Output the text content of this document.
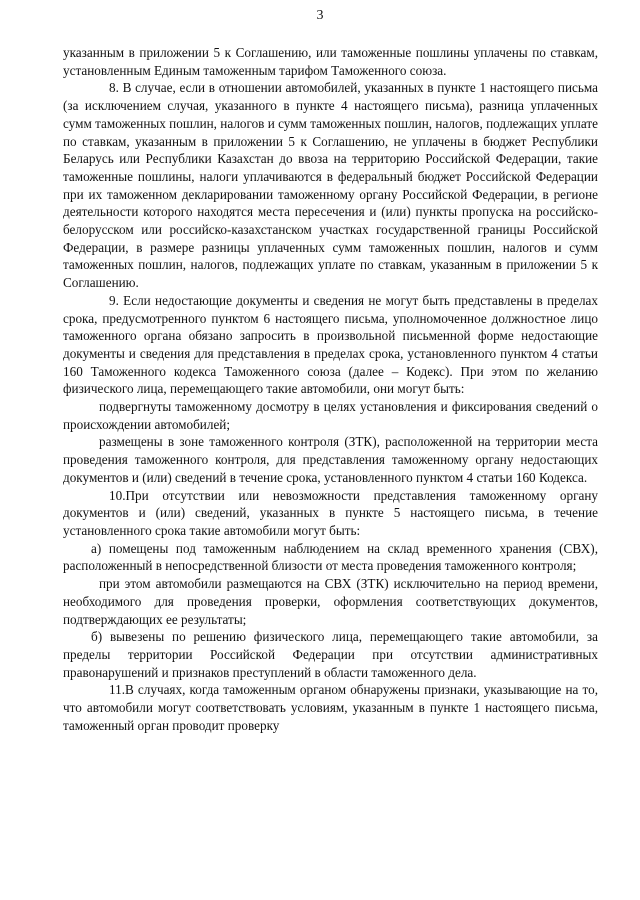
3

указанным в приложении 5 к Соглашению, или таможенные пошлины уплачены по ставкам, установленным Единым таможенным тарифом Таможенного союза.

8. В случае, если в отношении автомобилей, указанных в пункте 1 настоящего письма (за исключением случая, указанного в пункте 4 настоящего письма), разница уплаченных сумм таможенных пошлин, налогов и сумм таможенных пошлин, налогов, подлежащих уплате по ставкам, указанным в приложении 5 к Соглашению, не уплачены в бюджет Республики Беларусь или Республики Казахстан до ввоза на территорию Российской Федерации, такие таможенные пошлины, налоги уплачиваются в федеральный бюджет Российской Федерации при их таможенном декларировании таможенному органу Российской Федерации, в регионе деятельности которого находятся места пересечения и (или) пункты пропуска на российско-белорусском или российско-казахстанском участках государственной границы Российской Федерации, в размере разницы уплаченных сумм таможенных пошлин, налогов и сумм таможенных пошлин, налогов, подлежащих уплате по ставкам, указанным в приложении 5 к Соглашению.

9. Если недостающие документы и сведения не могут быть представлены в пределах срока, предусмотренного пунктом 6 настоящего письма, уполномоченное должностное лицо таможенного органа обязано запросить в произвольной письменной форме недостающие документы и сведения для представления в пределах срока, установленного пунктом 4 статьи 160 Таможенного кодекса Таможенного союза (далее – Кодекс). При этом по желанию физического лица, перемещающего такие автомобили, они могут быть:

подвергнуты таможенному досмотру в целях установления и фиксирования сведений о происхождении автомобилей;

размещены в зоне таможенного контроля (ЗТК), расположенной на территории места проведения таможенного контроля, для представления таможенному органу недостающих документов и (или) сведений в течение срока, установленного пунктом 4 статьи 160 Кодекса.

10.При отсутствии или невозможности представления таможенному органу документов и (или) сведений, указанных в пункте 5 настоящего письма, в течение установленного срока такие автомобили могут быть:

а) помещены под таможенным наблюдением на склад временного хранения (СВХ), расположенный в непосредственной близости от места проведения таможенного контроля;

при этом автомобили размещаются на СВХ (ЗТК) исключительно на период времени, необходимого для проведения проверки, оформления соответствующих документов, подтверждающих ее результаты;

б) вывезены по решению физического лица, перемещающего такие автомобили, за пределы территории Российской Федерации при отсутствии административных правонарушений и признаков преступлений в области таможенного дела.

11.В случаях, когда таможенным органом обнаружены признаки, указывающие на то, что автомобили могут соответствовать условиям, указанным в пункте 1 настоящего письма, таможенный орган проводит проверку
